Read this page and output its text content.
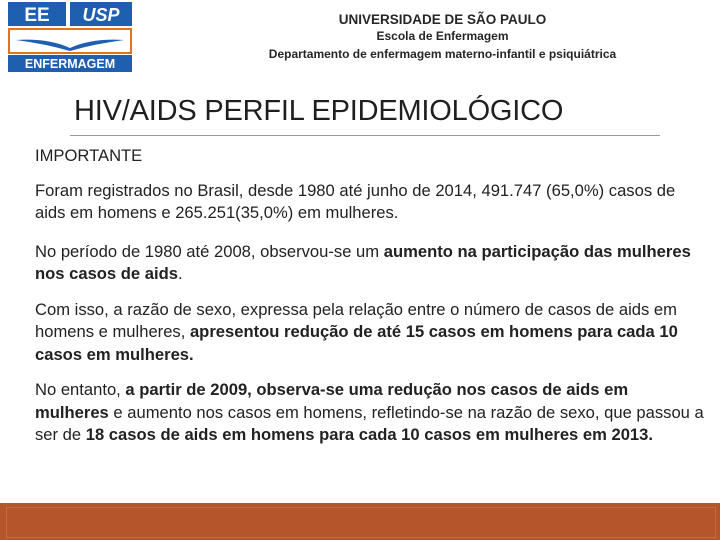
EE USP
ENFERMAGEM
UNIVERSIDADE DE SÃO PAULO
Escola de Enfermagem
Departamento de enfermagem materno-infantil e psiquiátrica
HIV/AIDS PERFIL EPIDEMIOLÓGICO

IMPORTANTE

Foram registrados no Brasil, desde 1980 até junho de 2014, 491.747 (65,0%) casos de aids em homens e 265.251(35,0%) em mulheres.

No período de 1980 até 2008, observou-se um aumento na participação das mulheres nos casos de aids.

Com isso, a razão de sexo, expressa pela relação entre o número de casos de aids em homens e mulheres, apresentou redução de até 15 casos em homens para cada 10 casos em mulheres.

No entanto, a partir de 2009, observa-se uma redução nos casos de aids em mulheres e aumento nos casos em homens, refletindo-se na razão de sexo, que passou a ser de 18 casos de aids em homens para cada 10 casos em mulheres em 2013.
